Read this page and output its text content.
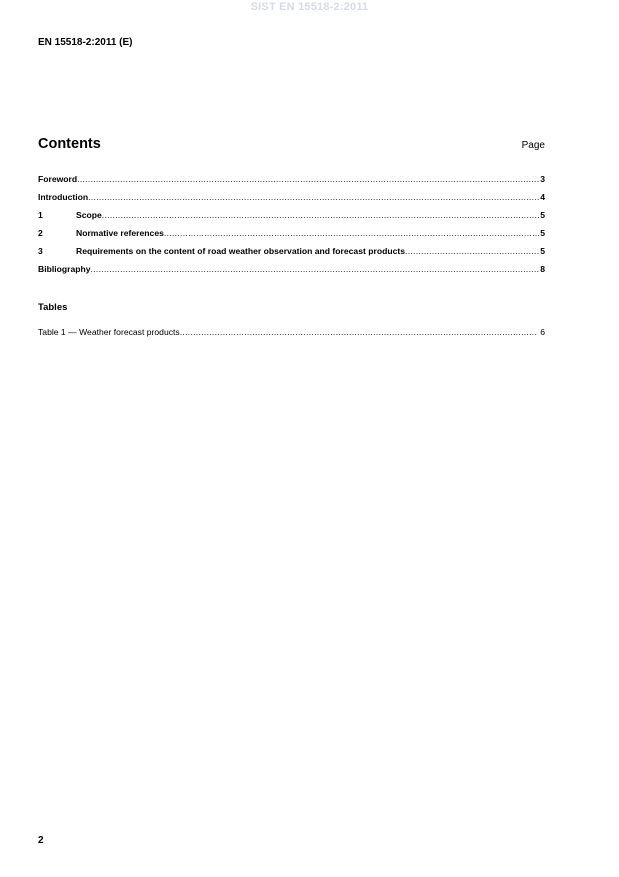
SIST EN 15518-2:2011
EN 15518-2:2011 (E)
Contents	Page
Foreword .....	3
Introduction .....	4
1	Scope .....	5
2	Normative references .....	5
3	Requirements on the content of road weather observation and forecast products .....	5
Bibliography .....	8
Tables
Table 1 — Weather forecast products .....	6
2
